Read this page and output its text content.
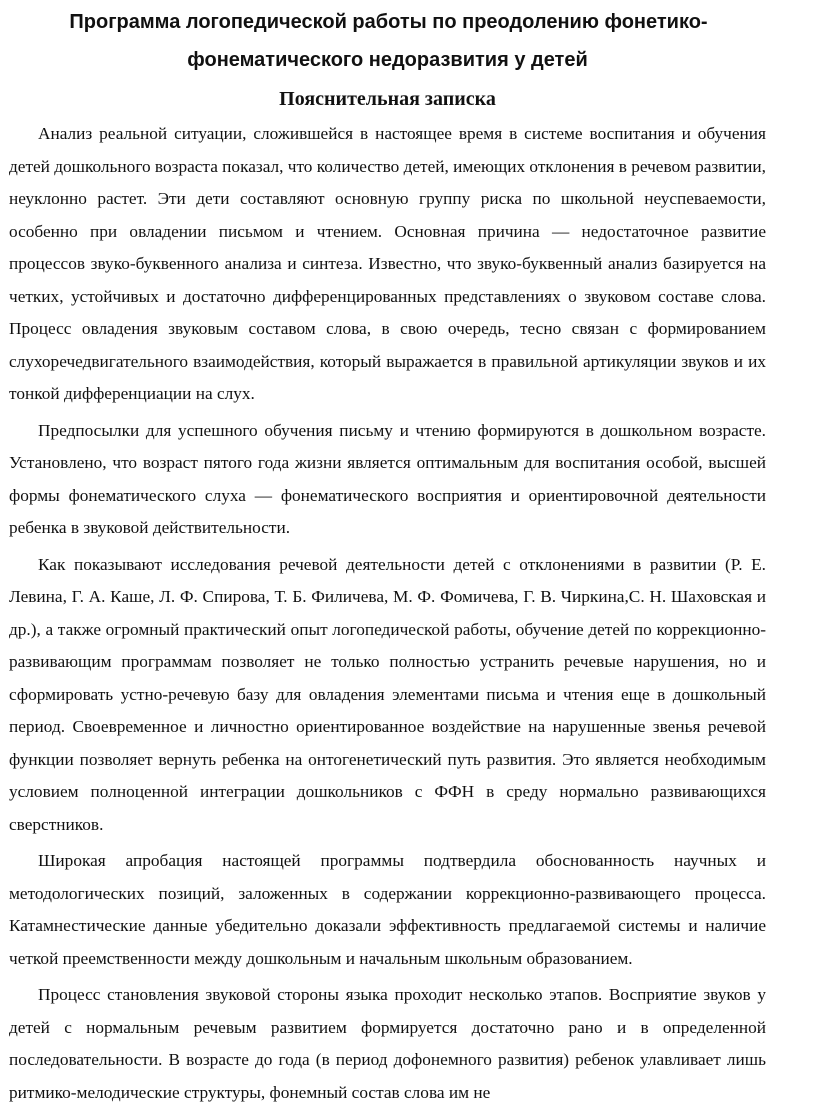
Программа логопедической работы по преодолению фонетико-
фонематического недоразвития у детей
Пояснительная записка

Анализ реальной ситуации, сложившейся в настоящее время в системе воспитания и обучения детей дошкольного возраста показал, что количество детей, имеющих отклонения в речевом развитии, неуклонно растет. Эти дети составляют основную группу риска по школьной неуспеваемости, особенно при овладении письмом и чтением. Основная причина — недостаточное развитие процессов звуко-буквенного анализа и синтеза. Известно, что звуко-буквенный анализ базируется на четких, устойчивых и достаточно дифференцированных представлениях о звуковом составе слова. Процесс овладения звуковым составом слова, в свою очередь, тесно связан с формированием слухоречедвигательного взаимодействия, который выражается в правильной артикуляции звуков и их тонкой дифференциации на слух.

Предпосылки для успешного обучения письму и чтению формируются в дошкольном возрасте. Установлено, что возраст пятого года жизни является оптимальным для воспитания особой, высшей формы фонематического слуха — фонематического восприятия и ориентировочной деятельности ребенка в звуковой действительности.

Как показывают исследования речевой деятельности детей с отклонениями в развитии (Р. Е. Левина, Г. А. Каше, Л. Ф. Спирова, Т. Б. Филичева, М. Ф. Фомичева, Г. В. Чиркина,С. Н. Шаховская и др.), а также огромный практический опыт логопедической работы, обучение детей по коррекционно-развивающим программам позволяет не только полностью устранить речевые нарушения, но и сформировать устно-речевую базу для овладения элементами письма и чтения еще в дошкольный период. Своевременное и личностно ориентированное воздействие на нарушенные звенья речевой функции позволяет вернуть ребенка на онтогенетический путь развития. Это является необходимым условием полноценной интеграции дошкольников с ФФН в среду нормально развивающихся сверстников.

Широкая апробация настоящей программы подтвердила обоснованность научных и методологических позиций, заложенных в содержании коррекционно-развивающего процесса. Катамнестические данные убедительно доказали эффективность предлагаемой системы и наличие четкой преемственности между дошкольным и начальным школьным образованием.

Процесс становления звуковой стороны языка проходит несколько этапов. Восприятие звуков у детей с нормальным речевым развитием формируется достаточно рано и в определенной последовательности. В возрасте до года (в период дофонемного развития) ребенок улавливает лишь ритмико-мелодические структуры, фонемный состав слова им не
